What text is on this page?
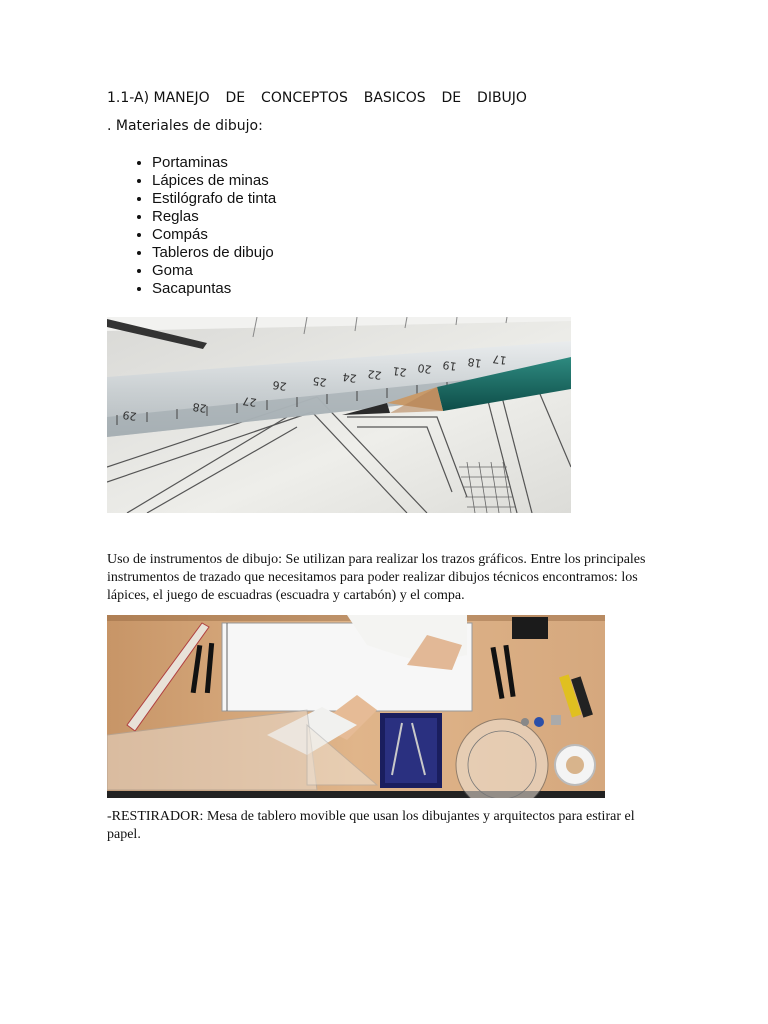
1.1-A) MANEJO DE CONCEPTOS BASICOS DE DIBUJO
. Materiales de dibujo:
• Portaminas
• Lápices de minas
• Estilógrafo de tinta
• Reglas
• Compás
• Tableros de dibujo
• Goma
• Sacapuntas
29
28	27
26 25 24 22 21 20 19 18 17

Uso de instrumentos de dibujo: Se utilizan para realizar los trazos gráficos. Entre los principales instrumentos de trazado que necesitamos para poder realizar dibujos técnicos encontramos: los lápices, el juego de escuadras (escuadra y cartabón) y el compa.

-RESTIRADOR: Mesa de tablero movible que usan los dibujantes y arquitectos para estirar el papel.
